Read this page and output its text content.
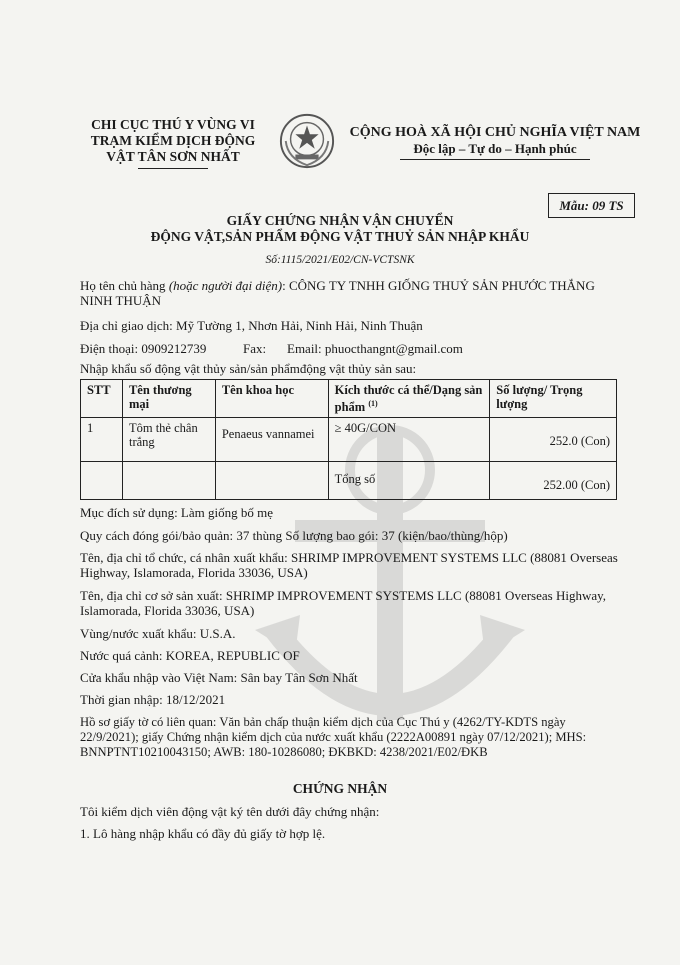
CHI CỤC THÚ Y VÙNG VI
TRẠM KIỂM DỊCH ĐỘNG
VẬT TÂN SƠN NHẤT
CỘNG HOÀ XÃ HỘI CHỦ NGHĨA VIỆT NAM
Độc lập – Tự do – Hạnh phúc
Mẫu: 09 TS
GIẤY CHỨNG NHẬN VẬN CHUYỂN
ĐỘNG VẬT,SẢN PHẨM ĐỘNG VẬT THUỶ SẢN NHẬP KHẨU
Số:1115/2021/E02/CN-VCTSNK
Họ tên chủ hàng (hoặc người đại diện): CÔNG TY TNHH GIỐNG THUỶ SẢN PHƯỚC THẮNG NINH THUẬN
Địa chỉ giao dịch: Mỹ Tường 1, Nhơn Hải, Ninh Hải, Ninh Thuận
Điện thoại: 0909212739	Fax: Email: phuocthangnt@gmail.com
Nhập khẩu số động vật thủy sản/sản phẩmđộng vật thủy sản sau:
STT	Tên thương mại	Tên khoa học	Kích thước cá thể/Dạng sản phẩm $^{(1)}$	Số lượng/ Trọng lượng
1	Tôm thẻ chân trắng	Penaeus vannamei	≥ 40G/CON	252.0 (Con)
			Tổng số	252.00 (Con)
Mục đích sử dụng: Làm giống bố mẹ
Quy cách đóng gói/bảo quản: 37 thùng Số lượng bao gói: 37 (kiện/bao/thùng/hộp)
Tên, địa chỉ tổ chức, cá nhân xuất khẩu: SHRIMP IMPROVEMENT SYSTEMS LLC (88081 Overseas Highway, Islamorada, Florida 33036, USA)
Tên, địa chỉ cơ sở sản xuất: SHRIMP IMPROVEMENT SYSTEMS LLC (88081 Overseas Highway, Islamorada, Florida 33036, USA)
Vùng/nước xuất khẩu: U.S.A.
Nước quá cảnh: KOREA, REPUBLIC OF
Cửa khẩu nhập vào Việt Nam: Sân bay Tân Sơn Nhất
Thời gian nhập: 18/12/2021
Hồ sơ giấy tờ có liên quan: Văn bản chấp thuận kiểm dịch của Cục Thú y (4262/TY-KDTS ngày 22/9/2021); giấy Chứng nhận kiểm dịch của nước xuất khẩu (2222A00891 ngày 07/12/2021); MHS: BNNPTNT10210043150; AWB: 180-10286080; ĐKBKD: 4238/2021/E02/ĐKB
CHỨNG NHẬN
Tôi kiểm dịch viên động vật ký tên dưới đây chứng nhận:
1. Lô hàng nhập khẩu có đầy đủ giấy tờ hợp lệ.
